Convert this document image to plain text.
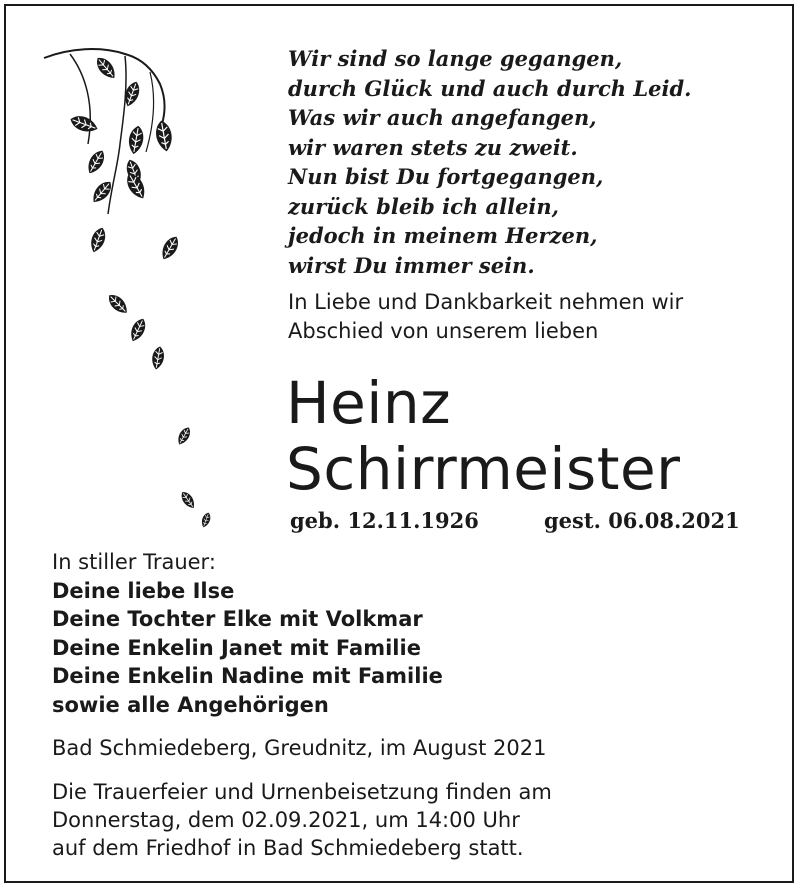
Wir sind so lange gegangen,
durch Glück und auch durch Leid.
Was wir auch angefangen,
wir waren stets zu zweit.
Nun bist Du fortgegangen,
zurück bleib ich allein,
jedoch in meinem Herzen,
wirst Du immer sein.
In Liebe und Dankbarkeit nehmen wir
Abschied von unserem lieben
Heinz
Schirrmeister
geb. 12.11.1926	gest. 06.08.2021
In stiller Trauer:
Deine liebe Ilse
Deine Tochter Elke mit Volkmar
Deine Enkelin Janet mit Familie
Deine Enkelin Nadine mit Familie
sowie alle Angehörigen
Bad Schmiedeberg, Greudnitz, im August 2021
Die Trauerfeier und Urnenbeisetzung finden am
Donnerstag, dem 02.09.2021, um 14:00 Uhr
auf dem Friedhof in Bad Schmiedeberg statt.
